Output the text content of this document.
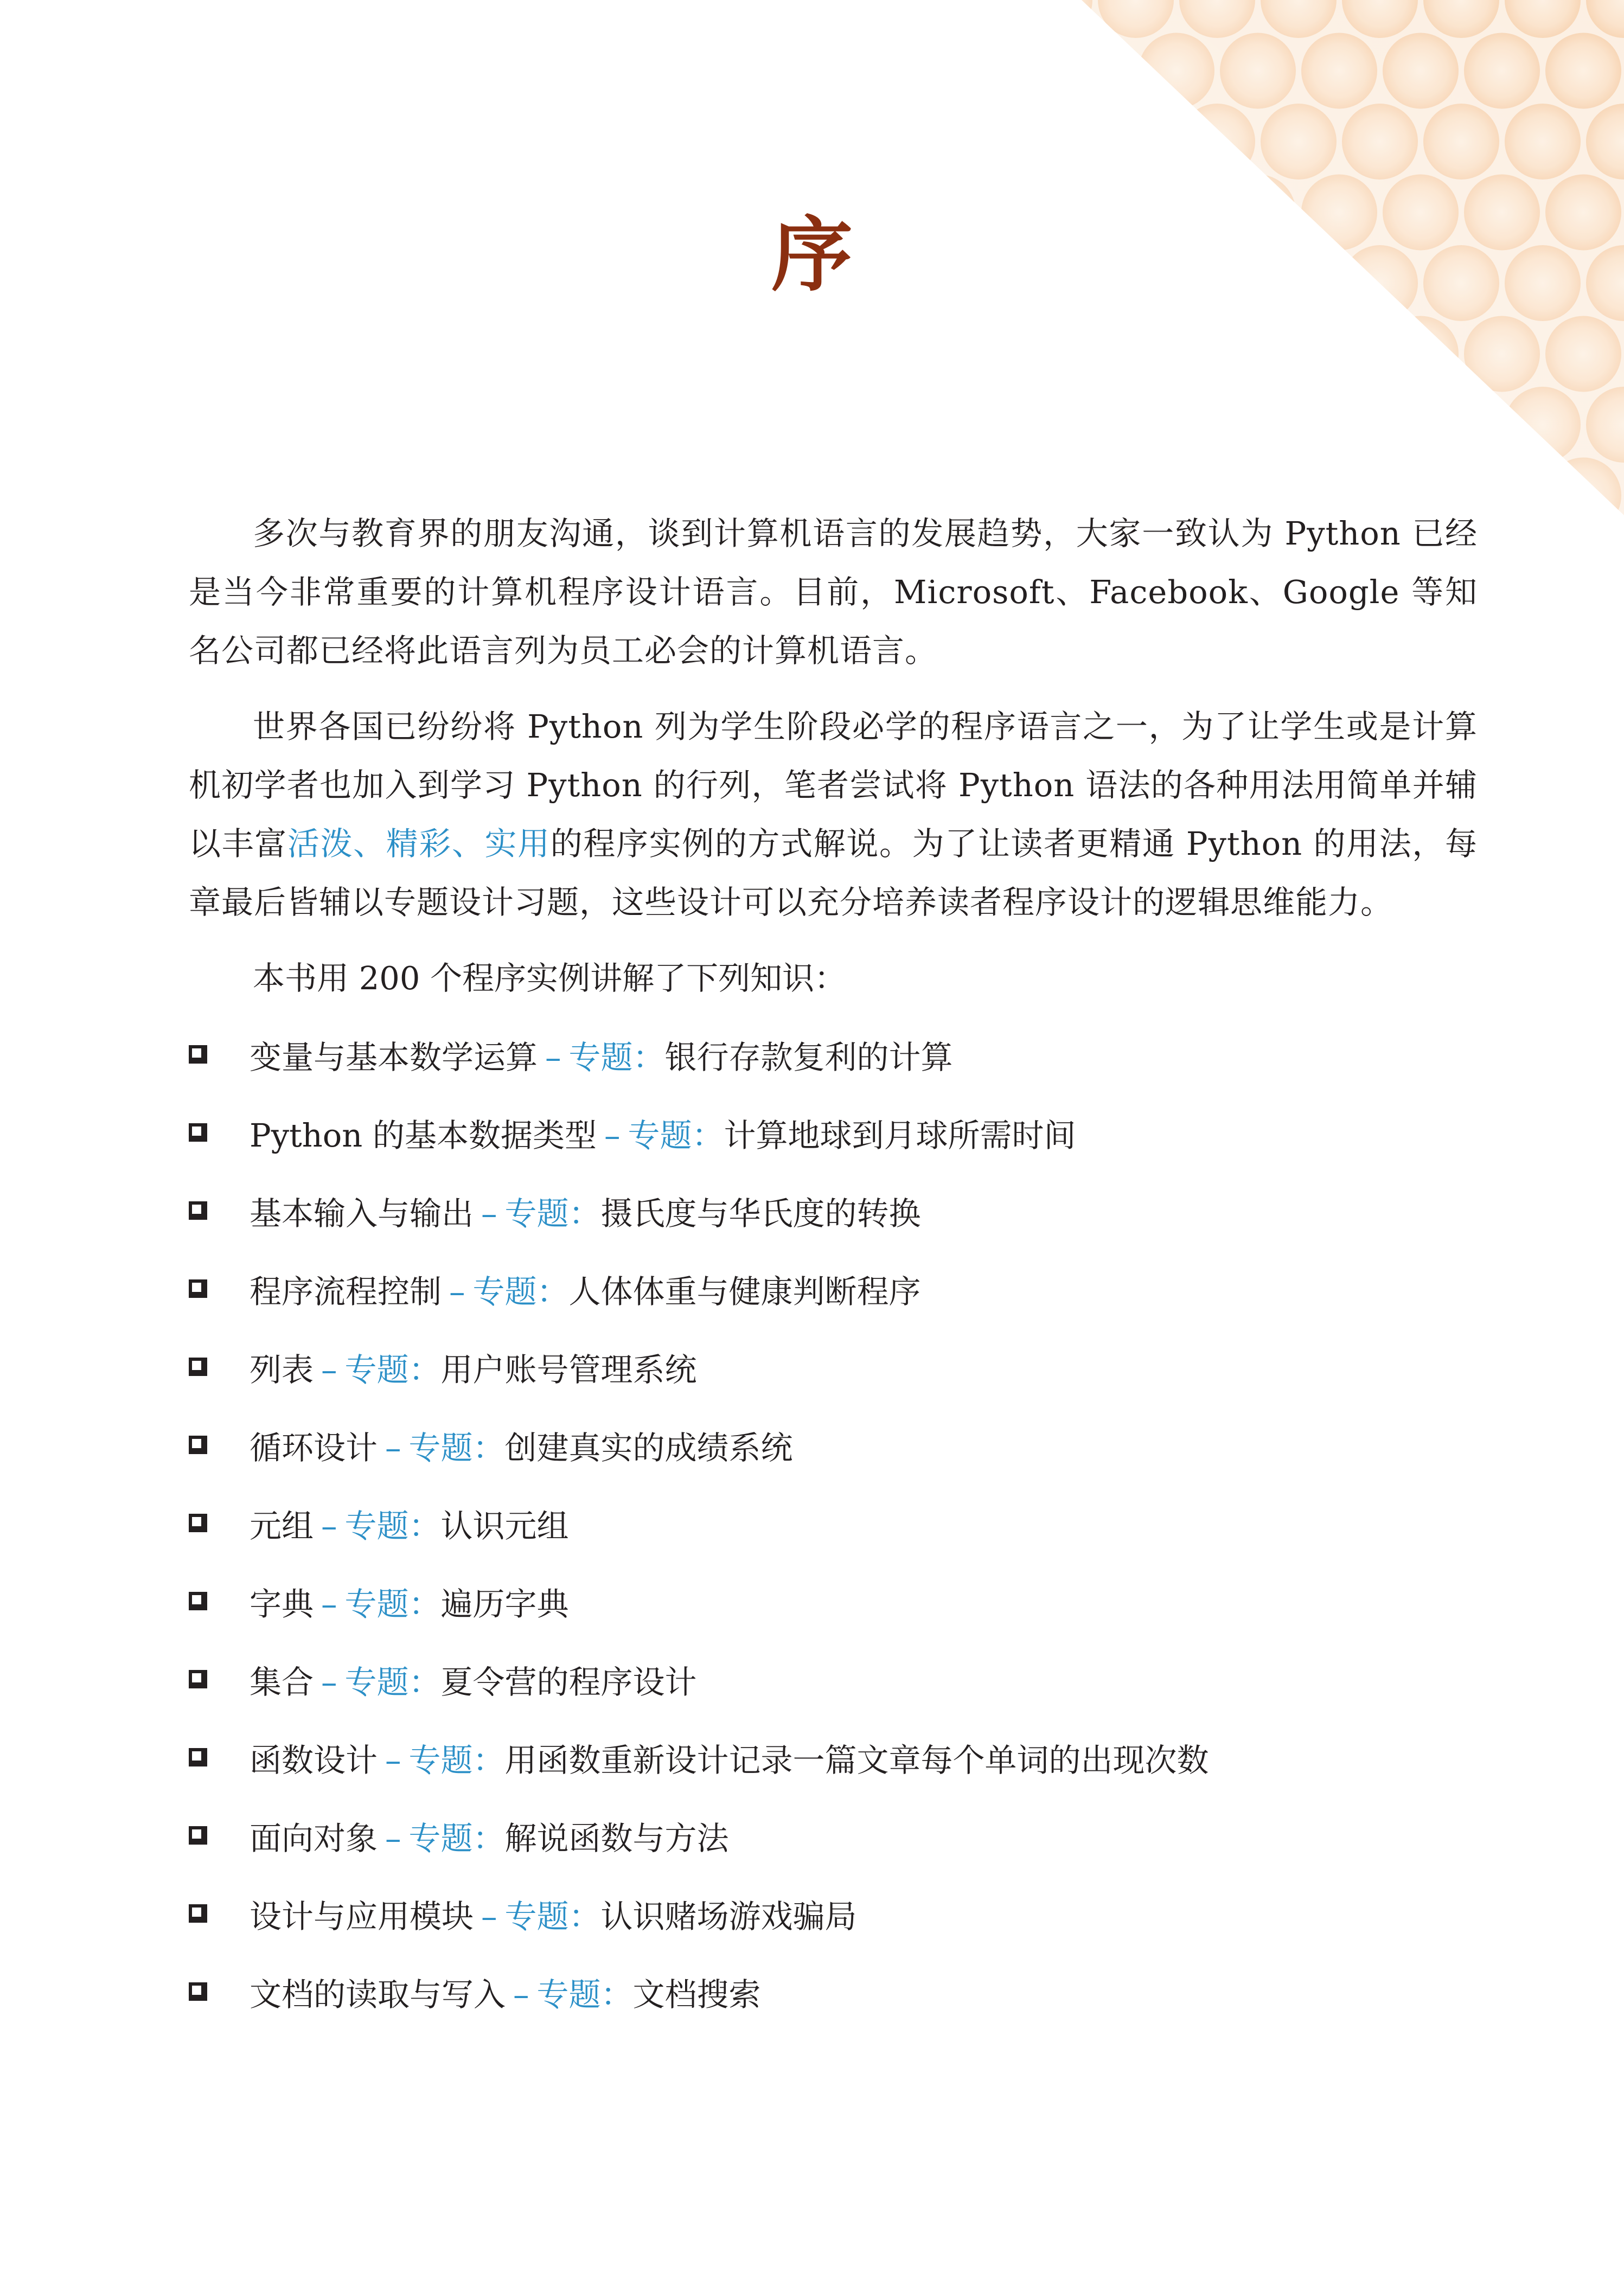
序

多次与教育界的朋友沟通，谈到计算机语言的发展趋势，大家一致认为 Python 已经是当今非常重要的计算机程序设计语言。目前，Microsoft、Facebook、Google 等知名公司都已经将此语言列为员工必会的计算机语言。

世界各国已纷纷将 Python 列为学生阶段必学的程序语言之一，为了让学生或是计算机初学者也加入到学习 Python 的行列，笔者尝试将 Python 语法的各种用法用简单并辅以丰富活泼、精彩、实用的程序实例的方式解说。为了让读者更精通 Python 的用法，每章最后皆辅以专题设计习题，这些设计可以充分培养读者程序设计的逻辑思维能力。

本书用 200 个程序实例讲解了下列知识：

变量与基本数学运算 – 专题：银行存款复利的计算
Python 的基本数据类型 – 专题：计算地球到月球所需时间
基本输入与输出 – 专题：摄氏度与华氏度的转换
程序流程控制 – 专题：人体体重与健康判断程序
列表 – 专题：用户账号管理系统
循环设计 – 专题：创建真实的成绩系统
元组 – 专题：认识元组
字典 – 专题：遍历字典
集合 – 专题：夏令营的程序设计
函数设计 – 专题：用函数重新设计记录一篇文章每个单词的出现次数
面向对象 – 专题：解说函数与方法
设计与应用模块 – 专题：认识赌场游戏骗局
文档的读取与写入 – 专题：文档搜索
